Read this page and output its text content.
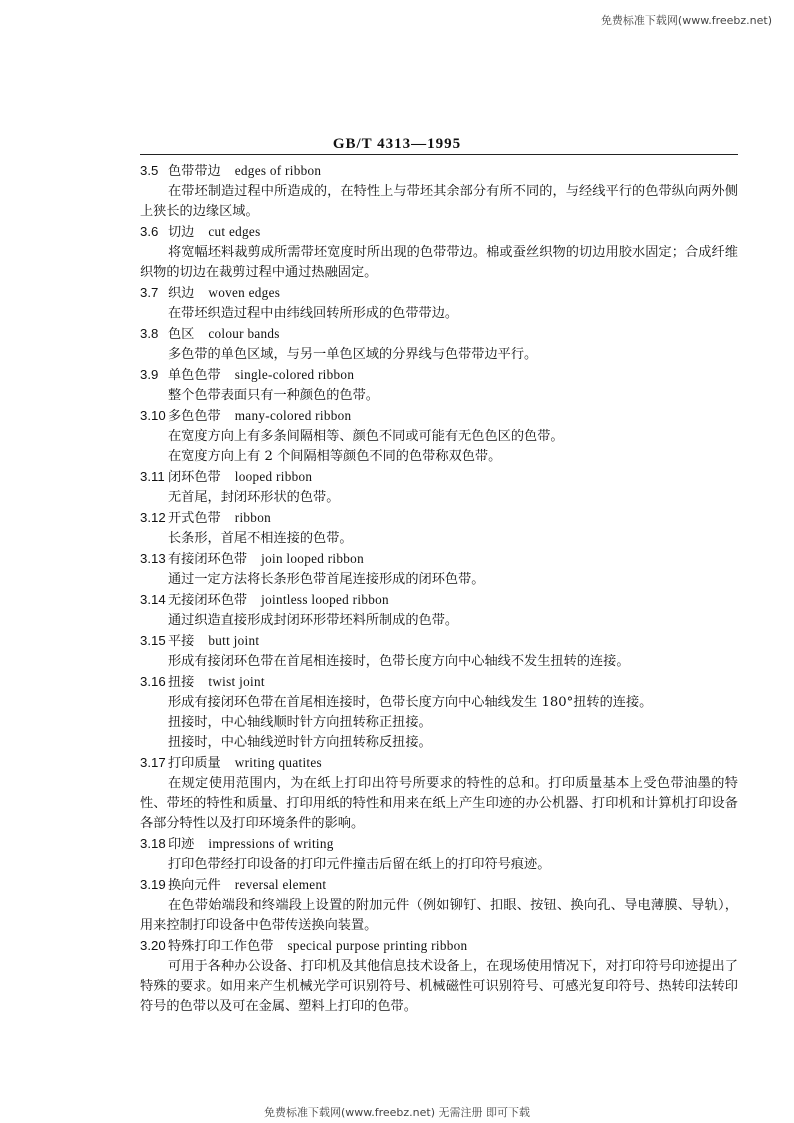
免费标准下载网(www.freebz.net)
GB/T 4313—1995

3.5 色带带边 edges of ribbon

在带坯制造过程中所造成的，在特性上与带坯其余部分有所不同的，与经线平行的色带纵向两外侧上狭长的边缘区域。

3.6 切边 cut edges

将宽幅坯料裁剪成所需带坯宽度时所出现的色带带边。棉或蚕丝织物的切边用胶水固定；合成纤维织物的切边在裁剪过程中通过热融固定。

3.7 织边 woven edges

在带坯织造过程中由纬线回转所形成的色带带边。

3.8 色区 colour bands

多色带的单色区域，与另一单色区域的分界线与色带带边平行。

3.9 单色色带 single-colored ribbon

整个色带表面只有一种颜色的色带。

3.10 多色色带 many-colored ribbon

在宽度方向上有多条间隔相等、颜色不同或可能有无色色区的色带。

在宽度方向上有 2 个间隔相等颜色不同的色带称双色带。

3.11 闭环色带 looped ribbon

无首尾，封闭环形状的色带。

3.12 开式色带 ribbon

长条形，首尾不相连接的色带。

3.13 有接闭环色带 join looped ribbon

通过一定方法将长条形色带首尾连接形成的闭环色带。

3.14 无接闭环色带 jointless looped ribbon

通过织造直接形成封闭环形带坯料所制成的色带。

3.15 平接 butt joint

形成有接闭环色带在首尾相连接时，色带长度方向中心轴线不发生扭转的连接。

3.16 扭接 twist joint

形成有接闭环色带在首尾相连接时，色带长度方向中心轴线发生 180°扭转的连接。

扭接时，中心轴线顺时针方向扭转称正扭接。

扭接时，中心轴线逆时针方向扭转称反扭接。

3.17 打印质量 writing quatites

在规定使用范围内，为在纸上打印出符号所要求的特性的总和。打印质量基本上受色带油墨的特性、带坯的特性和质量、打印用纸的特性和用来在纸上产生印迹的办公机器、打印机和计算机打印设备各部分特性以及打印环境条件的影响。

3.18 印迹 impressions of writing

打印色带经打印设备的打印元件撞击后留在纸上的打印符号痕迹。

3.19 换向元件 reversal element

在色带始端段和终端段上设置的附加元件（例如铆钉、扣眼、按钮、换向孔、导电薄膜、导轨），用来控制打印设备中色带传送换向装置。

3.20 特殊打印工作色带 specical purpose printing ribbon

可用于各种办公设备、打印机及其他信息技术设备上，在现场使用情况下，对打印符号印迹提出了特殊的要求。如用来产生机械光学可识别符号、机械磁性可识别符号、可感光复印符号、热转印法转印符号的色带以及可在金属、塑料上打印的色带。

免费标准下载网(www.freebz.net) 无需注册 即可下载
